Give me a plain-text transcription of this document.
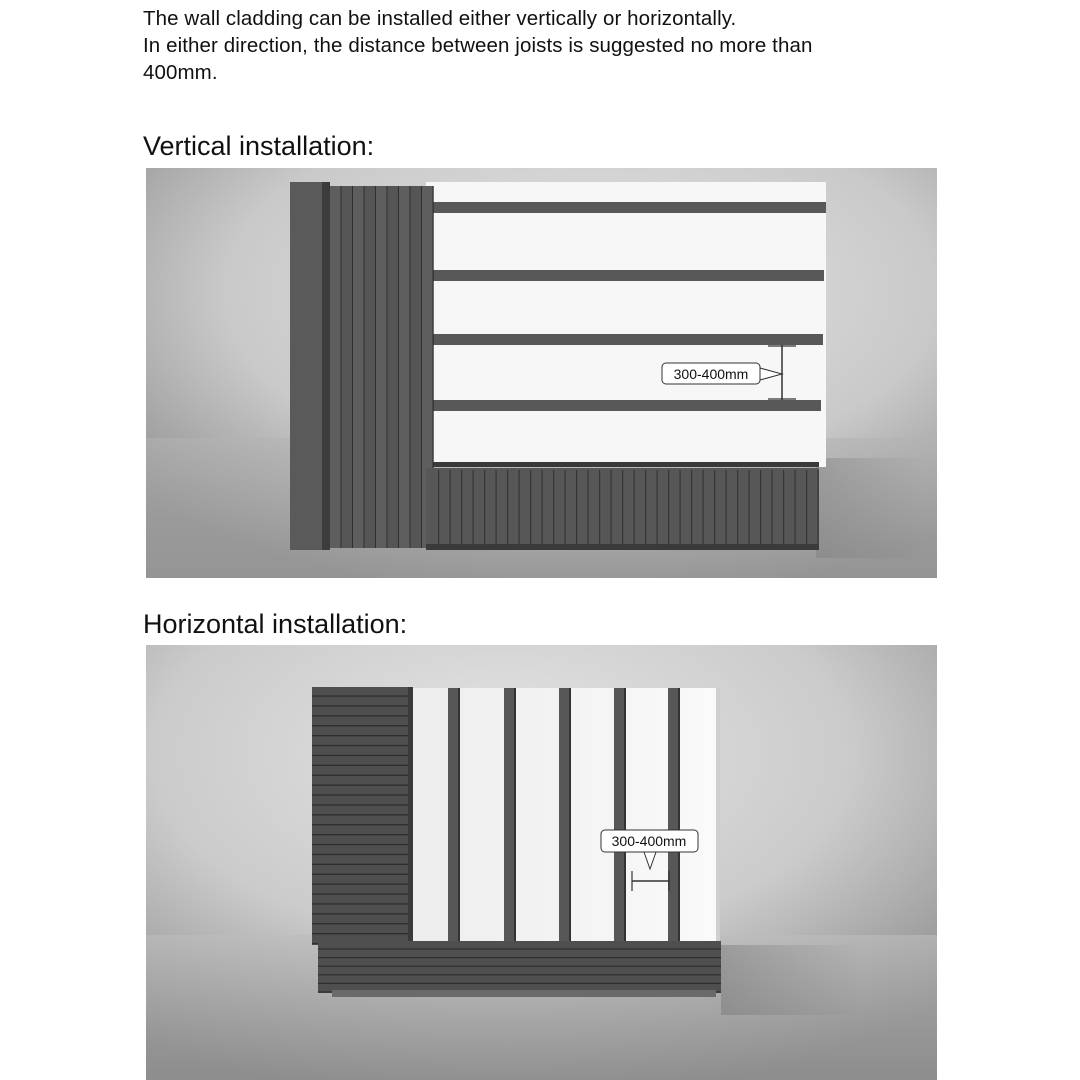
The wall cladding can be installed either vertically or horizontally.

In either direction, the distance between joists is suggested no more than

400mm.

Vertical installation:
300-400mm
Horizontal installation:
300-400mm
